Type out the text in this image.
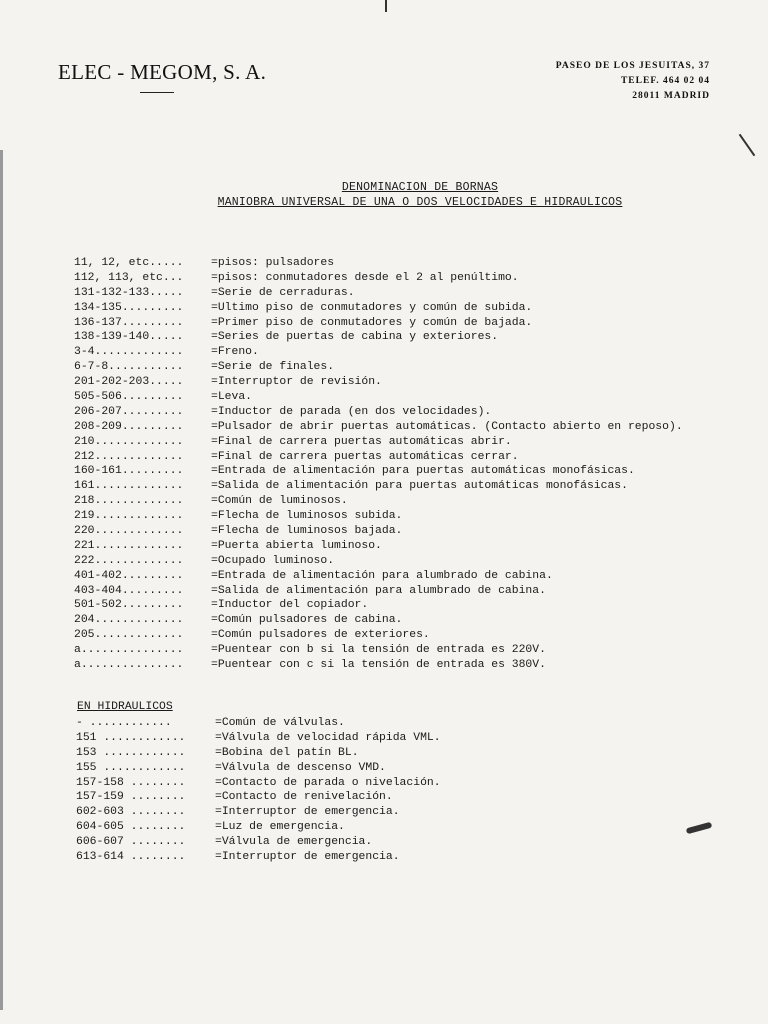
ELEC - MEGOM, S. A.	PASEO DE LOS JESUITAS, 37
TELEF. 464 02 04
28011 MADRID
DENOMINACION DE BORNAS
MANIOBRA UNIVERSAL DE UNA O DOS VELOCIDADES E HIDRAULICOS
11, 12, etc.....	=pisos: pulsadores
112, 113, etc...	=pisos: conmutadores desde el 2 al penúltimo.
131-132-133.....	=Serie de cerraduras.
134-135.........	=Ultimo piso de conmutadores y común de subida.
136-137.........	=Primer piso de conmutadores y común de bajada.
138-139-140.....	=Series de puertas de cabina y exteriores.
3-4.............	=Freno.
6-7-8...........	=Serie de finales.
201-202-203.....	=Interruptor de revisión.
505-506.........	=Leva.
206-207.........	=Inductor de parada (en dos velocidades).
208-209.........	=Pulsador de abrir puertas automáticas. (Contacto abierto en reposo).
210.............	=Final de carrera puertas automáticas abrir.
212.............	=Final de carrera puertas automáticas cerrar.
160-161.........	=Entrada de alimentación para puertas automáticas monofásicas.
161.............	=Salida de alimentación para puertas automáticas monofásicas.
218.............	=Común de luminosos.
219.............	=Flecha de luminosos subida.
220.............	=Flecha de luminosos bajada.
221.............	=Puerta abierta luminoso.
222.............	=Ocupado luminoso.
401-402.........	=Entrada de alimentación para alumbrado de cabina.
403-404.........	=Salida de alimentación para alumbrado de cabina.
501-502.........	=Inductor del copiador.
204.............	=Común pulsadores de cabina.
205.............	=Común pulsadores de exteriores.
a...............	=Puentear con b si la tensión de entrada es 220V.
a...............	=Puentear con c si la tensión de entrada es 380V.
EN HIDRAULICOS
- ............	=Común de válvulas.
151 ............	=Válvula de velocidad rápida VML.
153 ............	=Bobina del patín BL.
155 ............	=Válvula de descenso VMD.
157-158 ........	=Contacto de parada o nivelación.
157-159 ........	=Contacto de renivelación.
602-603 ........	=Interruptor de emergencia.
604-605 ........	=Luz de emergencia.
606-607 ........	=Válvula de emergencia.
613-614 ........	=Interruptor de emergencia.
